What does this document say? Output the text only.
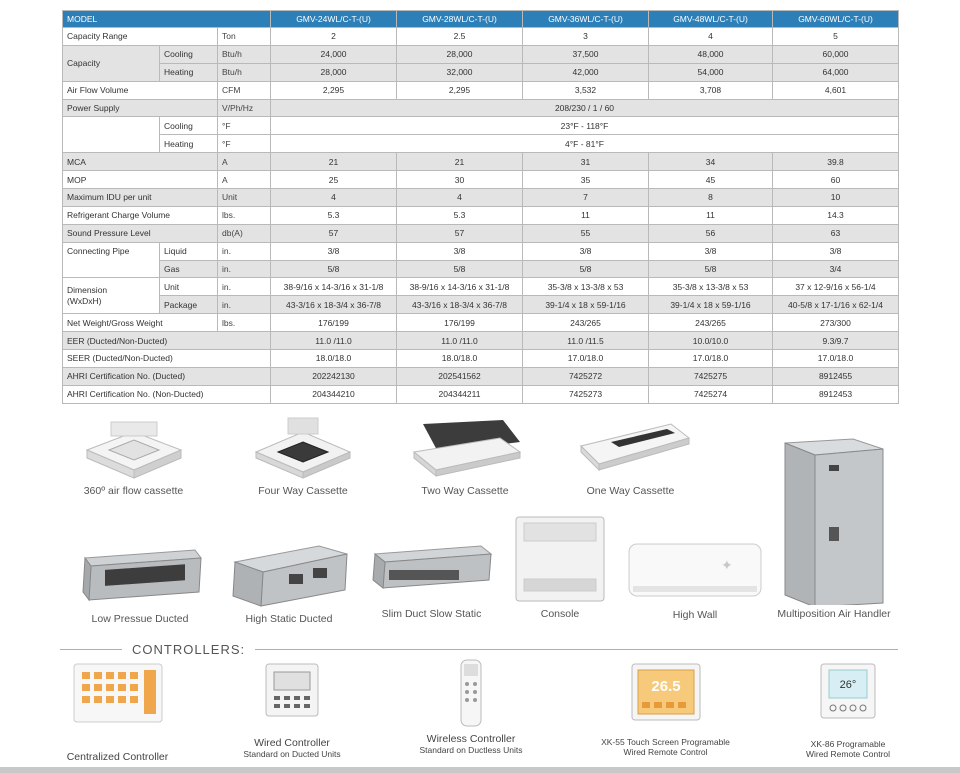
MODEL			GMV-24WL/C-T-(U)	GMV-28WL/C-T-(U)	GMV-36WL/C-T-(U)	GMV-48WL/C-T-(U)	GMV-60WL/C-T-(U)
Capacity Range		Ton	2	2.5	3	4	5
Capacity	Cooling	Btu/h	24,000	28,000	37,500	48,000	60,000
	Heating	Btu/h	28,000	32,000	42,000	54,000	64,000
Air Flow Volume		CFM	2,295	2,295	3,532	3,708	4,601
Power Supply		V/Ph/Hz	208/230 / 1 / 60				
	Cooling	°F	23°F - 118°F				
	Heating	°F	4°F - 81°F				
MCA		A	21	21	31	34	39.8
MOP		A	25	30	35	45	60
Maximum IDU per unit		Unit	4	4	7	8	10
Refrigerant Charge Volume		lbs.	5.3	5.3	11	11	14.3
Sound Pressure Level		db(A)	57	57	55	56	63
Connecting Pipe	Liquid	in.	3/8	3/8	3/8	3/8	3/8
	Gas	in.	5/8	5/8	5/8	5/8	3/4
Dimension
(WxDxH)	Unit	in.	38-9/16 x 14-3/16 x 31-1/8	38-9/16 x 14-3/16 x 31-1/8	35-3/8 x 13-3/8 x 53	35-3/8 x 13-3/8 x 53	37 x 12-9/16 x 56-1/4
	Package	in.	43-3/16 x 18-3/4 x 36-7/8	43-3/16 x 18-3/4 x 36-7/8	39-1/4 x 18 x 59-1/16	39-1/4 x 18 x 59-1/16	40-5/8 x 17-1/16 x 62-1/4
Net Weight/Gross Weight		lbs.	176/199	176/199	243/265	243/265	273/300
EER (Ducted/Non-Ducted)			11.0 /11.0	11.0 /11.0	11.0 /11.5	10.0/10.0	9.3/9.7
SEER (Ducted/Non-Ducted)			18.0/18.0	18.0/18.0	17.0/18.0	17.0/18.0	17.0/18.0
AHRI Certification No. (Ducted)			202242130	202541562	7425272	7425275	8912455
AHRI Certification No. (Non-Ducted)			204344210	204344211	7425273	7425274	8912453
360º air flow cassette	Four Way Cassette	Two Way Cassette	One Way Cassette
Low Pressue Ducted	High Static Ducted	Slim Duct Slow Static	Console
✦
High Wall	Multiposition Air Handler
CONTROLLERS:
Centralized Controller
Wired Controller
Standard on Ducted Units
Wireless Controller
Standard on Ductless Units
26.5
XK-55 Touch Screen Programable
Wired Remote Control
26°
XK-86 Programable
Wired Remote Control
